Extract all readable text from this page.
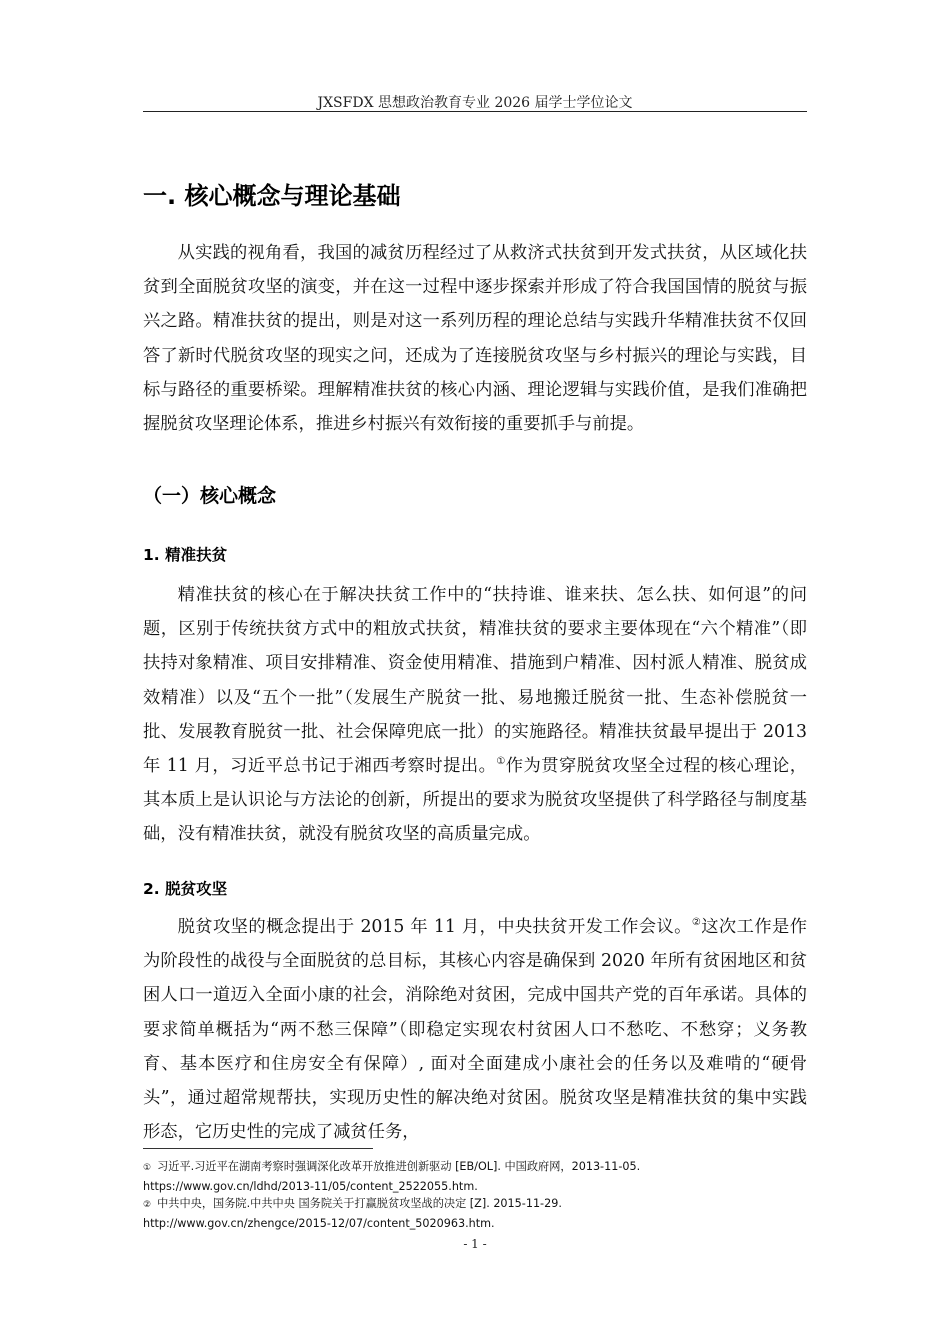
JXSFDX 思想政治教育专业 2026 届学士学位论文
一. 核心概念与理论基础

从实践的视角看，我国的减贫历程经过了从救济式扶贫到开发式扶贫，从区域化扶贫到全面脱贫攻坚的演变，并在这一过程中逐步探索并形成了符合我国国情的脱贫与振兴之路。精准扶贫的提出，则是对这一系列历程的理论总结与实践升华精准扶贫不仅回答了新时代脱贫攻坚的现实之问，还成为了连接脱贫攻坚与乡村振兴的理论与实践，目标与路径的重要桥梁。理解精准扶贫的核心内涵、理论逻辑与实践价值，是我们准确把握脱贫攻坚理论体系，推进乡村振兴有效衔接的重要抓手与前提。

（一）核心概念
1. 精准扶贫

精准扶贫的核心在于解决扶贫工作中的“扶持谁、谁来扶、怎么扶、如何退”的问题，区别于传统扶贫方式中的粗放式扶贫，精准扶贫的要求主要体现在“六个精准”（即扶持对象精准、项目安排精准、资金使用精准、措施到户精准、因村派人精准、脱贫成效精准）以及“五个一批”（发展生产脱贫一批、易地搬迁脱贫一批、生态补偿脱贫一批、发展教育脱贫一批、社会保障兜底一批）的实施路径。精准扶贫最早提出于 2013 年 11 月，习近平总书记于湘西考察时提出。①作为贯穿脱贫攻坚全过程的核心理论，其本质上是认识论与方法论的创新，所提出的要求为脱贫攻坚提供了科学路径与制度基础，没有精准扶贫，就没有脱贫攻坚的高质量完成。

2. 脱贫攻坚

脱贫攻坚的概念提出于 2015 年 11 月，中央扶贫开发工作会议。②这次工作是作为阶段性的战役与全面脱贫的总目标，其核心内容是确保到 2020 年所有贫困地区和贫困人口一道迈入全面小康的社会，消除绝对贫困，完成中国共产党的百年承诺。具体的要求简单概括为“两不愁三保障”（即稳定实现农村贫困人口不愁吃、不愁穿；义务教育、基本医疗和住房安全有保障）, 面对全面建成小康社会的任务以及难啃的“硬骨头”，通过超常规帮扶，实现历史性的解决绝对贫困。脱贫攻坚是精准扶贫的集中实践形态，它历史性的完成了减贫任务，

① 习近平.习近平在湖南考察时强调深化改革开放推进创新驱动 [EB/OL]. 中国政府网，2013-11-05.

https://www.gov.cn/ldhd/2013-11/05/content_2522055.htm.

② 中共中央，国务院.中共中央 国务院关于打赢脱贫攻坚战的决定 [Z]. 2015-11-29.

http://www.gov.cn/zhengce/2015-12/07/content_5020963.htm.

- 1 -
